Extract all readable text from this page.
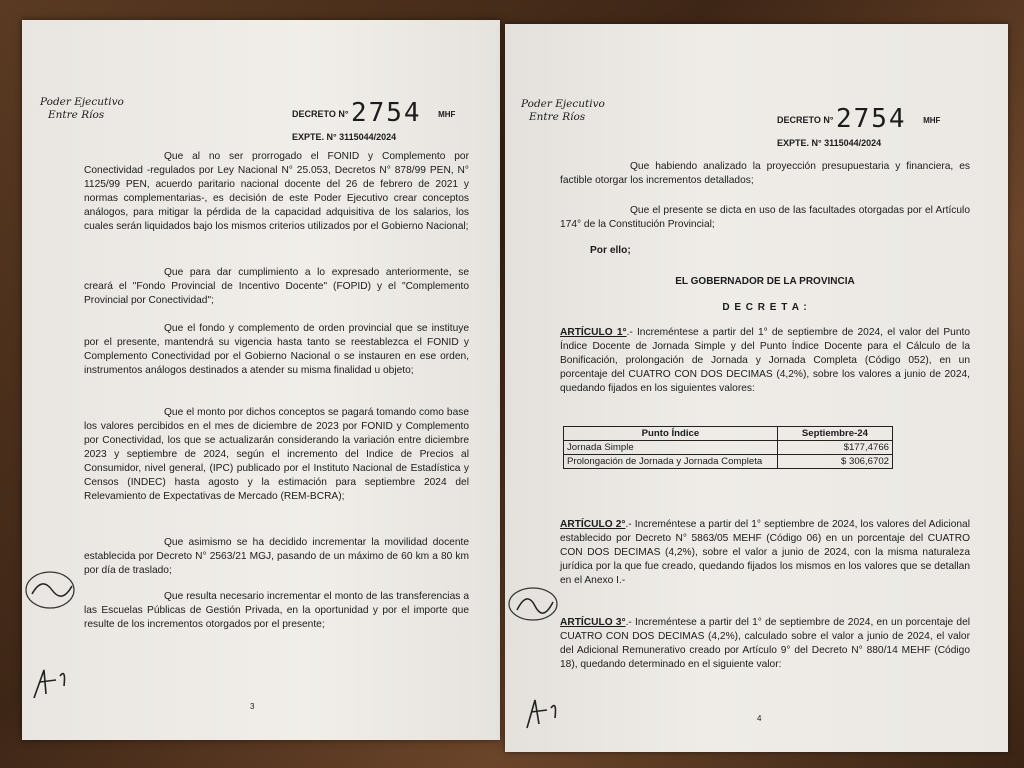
Poder Ejecutivo
Entre Ríos	DECRETO N° 2754 MHF
EXPTE. N° 3115044/2024
Que al no ser prorrogado el FONID y Complemento por Conectividad -regulados por Ley Nacional N° 25.053, Decretos N° 878/99 PEN, N° 1125/99 PEN, acuerdo paritario nacional docente del 26 de febrero de 2021 y normas complementarias-, es decisión de este Poder Ejecutivo crear conceptos análogos, para mitigar la pérdida de la capacidad adquisitiva de los salarios, los cuales serán liquidados bajo los mismos criterios utilizados por el Gobierno Nacional;
Que para dar cumplimiento a lo expresado anteriormente, se creará el "Fondo Provincial de Incentivo Docente" (FOPID) y el "Complemento Provincial por Conectividad";
Que el fondo y complemento de orden provincial que se instituye por el presente, mantendrá su vigencia hasta tanto se reestablezca el FONID y Complemento Conectividad por el Gobierno Nacional o se instauren en ese orden, instrumentos análogos destinados a atender su misma finalidad u objeto;
Que el monto por dichos conceptos se pagará tomando como base los valores percibidos en el mes de diciembre de 2023 por FONID y Complemento por Conectividad, los que se actualizarán considerando la variación entre diciembre 2023 y septiembre de 2024, según el incremento del Indice de Precios al Consumidor, nivel general, (IPC) publicado por el Instituto Nacional de Estadística y Censos (INDEC) hasta agosto y la estimación para septiembre 2024 del Relevamiento de Expectativas de Mercado (REM-BCRA);
Que asimismo se ha decidido incrementar la movilidad docente establecida por Decreto N° 2563/21 MGJ, pasando de un máximo de 60 km a 80 km por día de traslado;
Que resulta necesario incrementar el monto de las transferencias a las Escuelas Públicas de Gestión Privada, en la oportunidad y por el importe que resulte de los incrementos otorgados por el presente;
3
Poder Ejecutivo
Entre Ríos	DECRETO N° 2754 MHF
EXPTE. N° 3115044/2024
Que habiendo analizado la proyección presupuestaria y financiera, es factible otorgar los incrementos detallados;
Que el presente se dicta en uso de las facultades otorgadas por el Artículo 174° de la Constitución Provincial;
Por ello;
EL GOBERNADOR DE LA PROVINCIA
D E C R E T A :
ARTÍCULO 1°.- Increméntese a partir del 1° de septiembre de 2024, el valor del Punto Índice Docente de Jornada Simple y del Punto Índice Docente para el Cálculo de la Bonificación, prolongación de Jornada y Jornada Completa (Código 052), en un porcentaje del CUATRO CON DOS DECIMAS (4,2%), sobre los valores a junio de 2024, quedando fijados en los siguientes valores:
Punto Índice	Septiembre-24
Jornada Simple	$177,4766
Prolongación de Jornada y Jornada Completa	$ 306,6702
ARTÍCULO 2°.- Increméntese a partir del 1° septiembre de 2024, los valores del Adicional establecido por Decreto N° 5863/05 MEHF (Código 06) en un porcentaje del CUATRO CON DOS DECIMAS (4,2%), sobre el valor a junio de 2024, con la misma naturaleza jurídica por la que fue creado, quedando fijados los mismos en los valores que se detallan en el Anexo I.-
ARTÍCULO 3°.- Increméntese a partir del 1° de septiembre de 2024, en un porcentaje del CUATRO CON DOS DECIMAS (4,2%), calculado sobre el valor a junio de 2024, el valor del Adicional Remunerativo creado por Artículo 9° del Decreto N° 880/14 MEHF (Código 18), quedando determinado en el siguiente valor:
4
